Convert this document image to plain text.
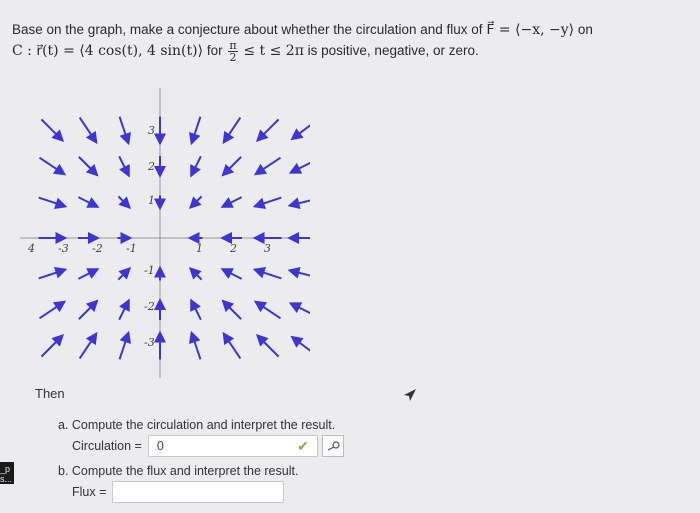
Base on the graph, make a conjecture about whether the circulation and flux of F⃗ = ⟨−x, −y⟩ on
C : r⃗(t) = ⟨4 cos(t), 4 sin(t)⟩ for $\frac{\pi}{2} \le t \le 2\pi$ is positive, negative, or zero.
4 -3 -2 -1	1 2 3
3
2
1
-1
-2
-3
Then
a. Compute the circulation and interpret the result.
Circulation = 0	✔
b. Compute the flux and interpret the result.
Flux =
_p
s...
